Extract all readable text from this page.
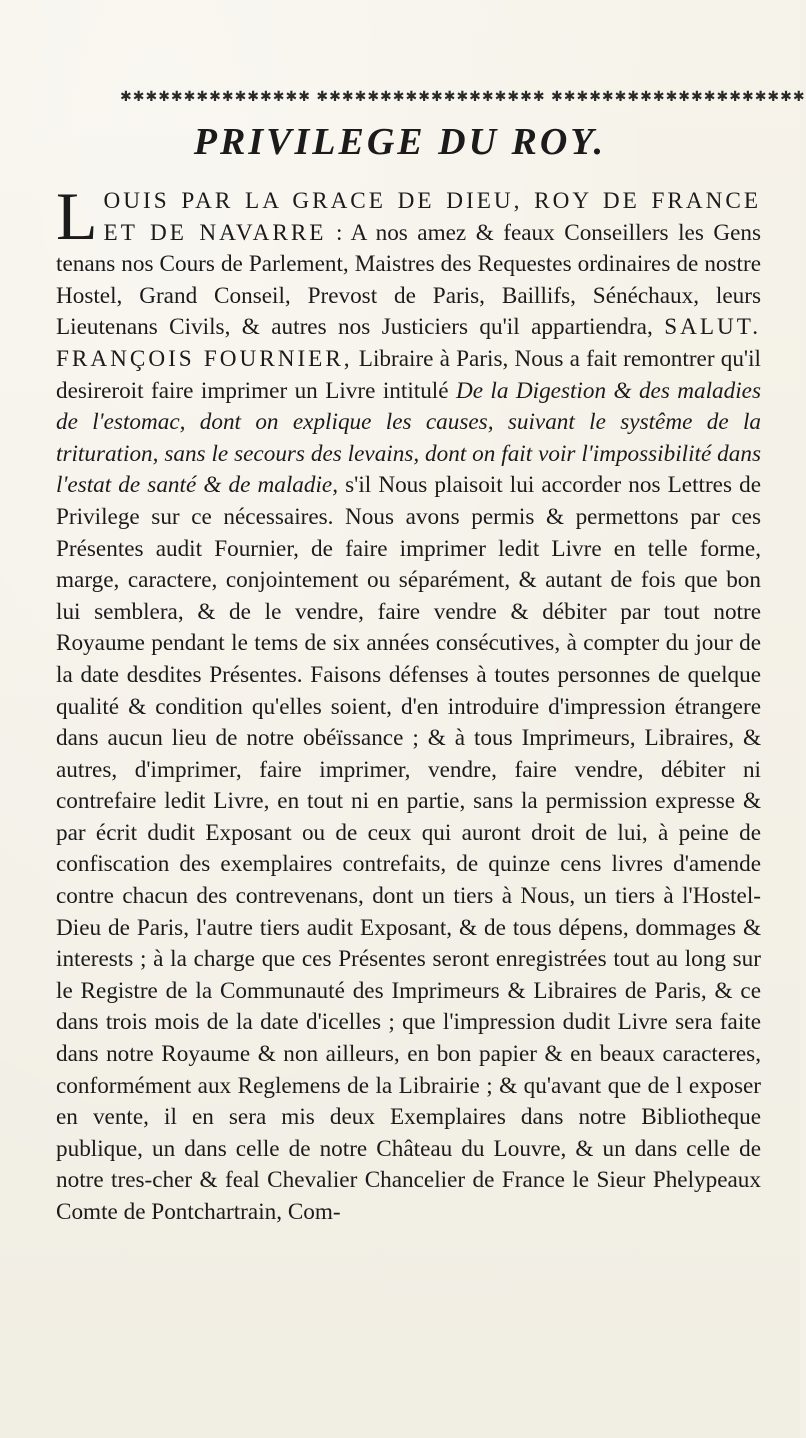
✱✱✱✱✱✱✱✱✱✱✱✱✱✱✱ ✱✱✱✱✱✱✱✱✱✱✱✱✱✱✱✱✱✱ ✱✱✱✱✱✱✱✱✱✱✱✱✱✱✱✱✱✱✱✱
PRIVILEGE DU ROY.
LOUIS PAR LA GRACE DE DIEU, ROY DE FRANCE ET DE NAVARRE : A nos amez & feaux Conseillers les Gens tenans nos Cours de Parlement, Maistres des Requestes ordinaires de nostre Hostel, Grand Conseil, Prevost de Paris, Baillifs, Sénéchaux, leurs Lieutenans Civils, & autres nos Justiciers qu'il appartiendra, SALUT. FRANÇOIS FOURNIER, Libraire à Paris, Nous a fait remontrer qu'il desireroit faire imprimer un Livre intitulé De la Digestion & des maladies de l'estomac, dont on explique les causes, suivant le systême de la trituration, sans le secours des levains, dont on fait voir l'impossibilité dans l'estat de santé & de maladie, s'il Nous plaisoit lui accorder nos Lettres de Privilege sur ce nécessaires. Nous avons permis & permettons par ces Présentes audit Fournier, de faire imprimer ledit Livre en telle forme, marge, caractere, conjointement ou séparément, & autant de fois que bon lui semblera, & de le vendre, faire vendre & débiter par tout notre Royaume pendant le tems de six années consécutives, à compter du jour de la date desdites Présentes. Faisons défenses à toutes personnes de quelque qualité & condition qu'elles soient, d'en introduire d'impression étrangere dans aucun lieu de notre obéïssance ; & à tous Imprimeurs, Libraires, & autres, d'imprimer, faire imprimer, vendre, faire vendre, débiter ni contrefaire ledit Livre, en tout ni en partie, sans la permission expresse & par écrit dudit Exposant ou de ceux qui auront droit de lui, à peine de confiscation des exemplaires contrefaits, de quinze cens livres d'amende contre chacun des contrevenans, dont un tiers à Nous, un tiers à l'Hostel-Dieu de Paris, l'autre tiers audit Exposant, & de tous dépens, dommages & interests ; à la charge que ces Présentes seront enregistrées tout au long sur le Registre de la Communauté des Imprimeurs & Libraires de Paris, & ce dans trois mois de la date d'icelles ; que l'impression dudit Livre sera faite dans notre Royaume & non ailleurs, en bon papier & en beaux caracteres, conformément aux Reglemens de la Librairie ; & qu'avant que de l exposer en vente, il en sera mis deux Exemplaires dans notre Bibliotheque publique, un dans celle de notre Château du Louvre, & un dans celle de notre tres-cher & feal Chevalier Chancelier de France le Sieur Phelypeaux Comte de Pontchartrain, Com-
